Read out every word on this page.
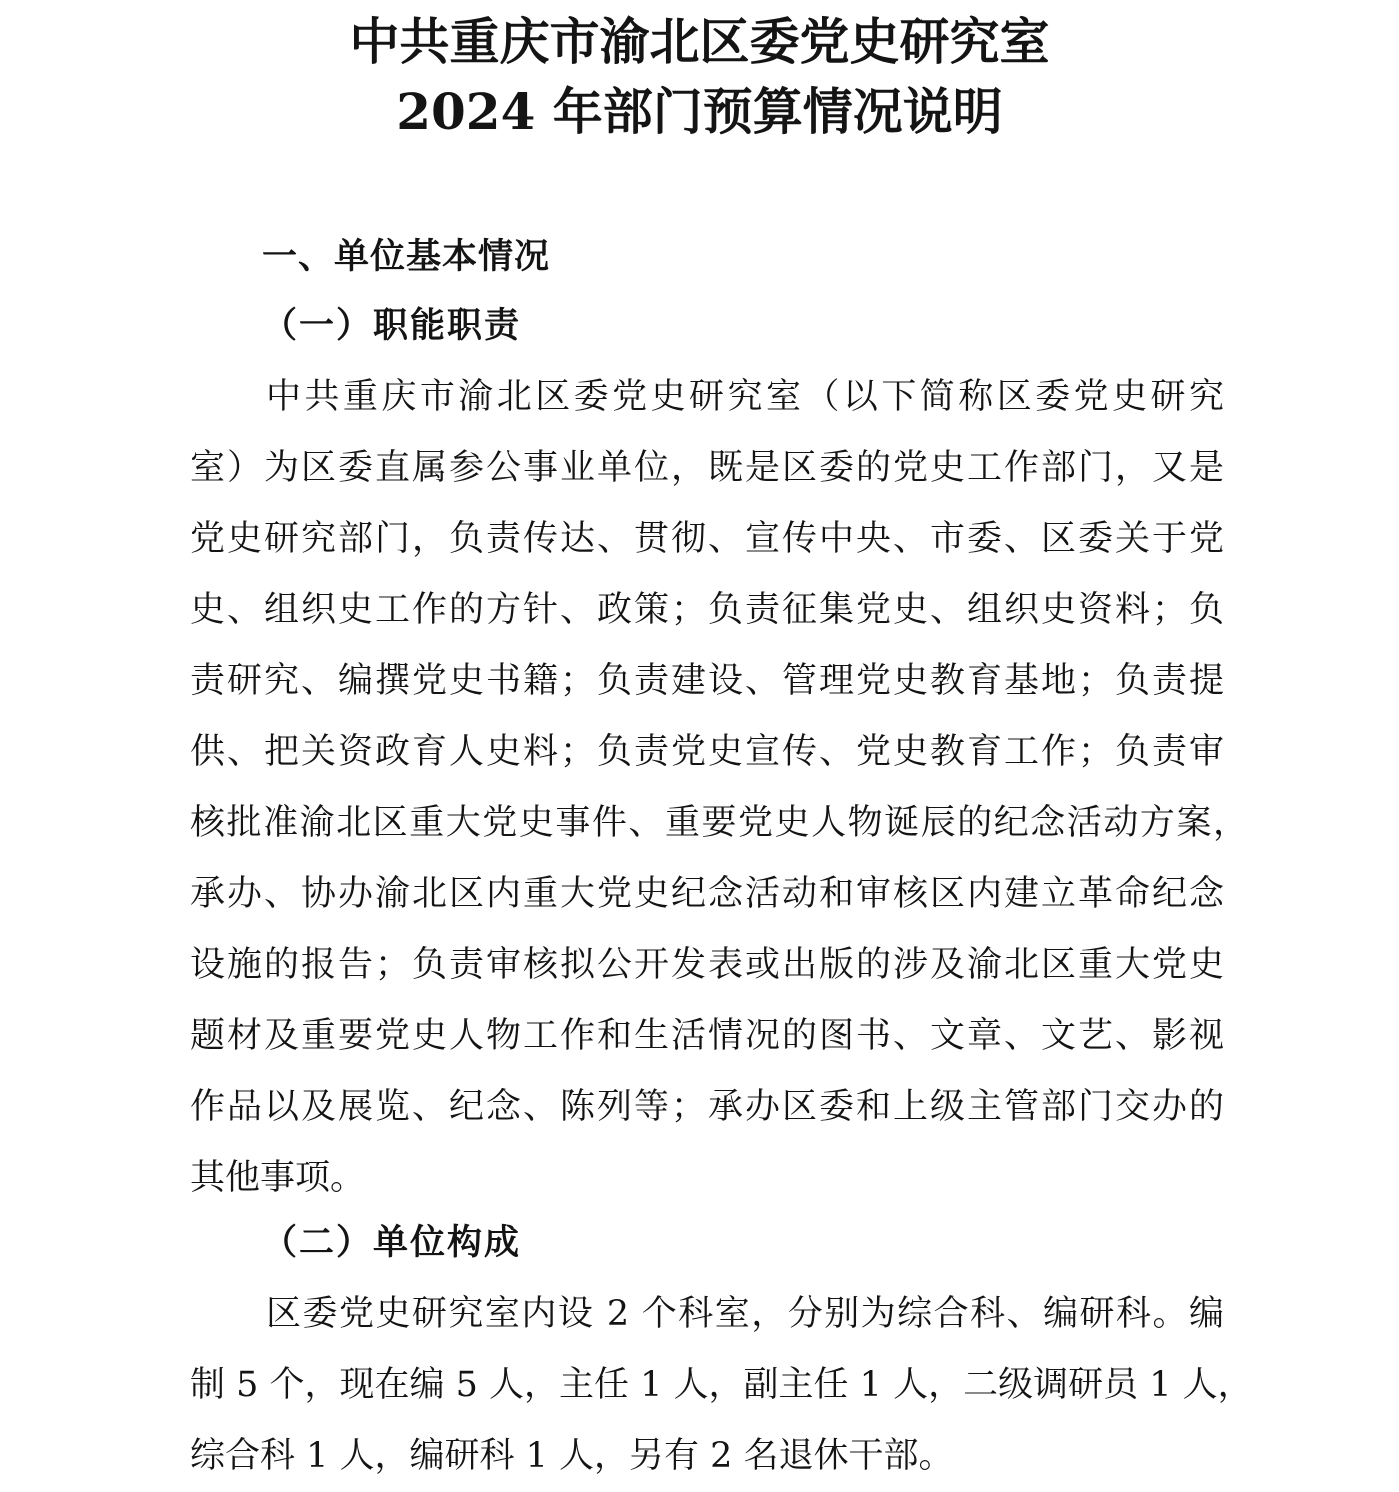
中共重庆市渝北区委党史研究室
2024 年部门预算情况说明
一、单位基本情况
（一）职能职责
中共重庆市渝北区委党史研究室（以下简称区委党史研究
室）为区委直属参公事业单位，既是区委的党史工作部门，又是
党史研究部门，负责传达、贯彻、宣传中央、市委、区委关于党
史、组织史工作的方针、政策；负责征集党史、组织史资料；负
责研究、编撰党史书籍；负责建设、管理党史教育基地；负责提
供、把关资政育人史料；负责党史宣传、党史教育工作；负责审
核批准渝北区重大党史事件、重要党史人物诞辰的纪念活动方案，
承办、协办渝北区内重大党史纪念活动和审核区内建立革命纪念
设施的报告；负责审核拟公开发表或出版的涉及渝北区重大党史
题材及重要党史人物工作和生活情况的图书、文章、文艺、影视
作品以及展览、纪念、陈列等；承办区委和上级主管部门交办的
其他事项。
（二）单位构成
区委党史研究室内设 2 个科室，分别为综合科、编研科。编
制 5 个，现在编 5 人，主任 1 人，副主任 1 人，二级调研员 1 人，
综合科 1 人，编研科 1 人，另有 2 名退休干部。
